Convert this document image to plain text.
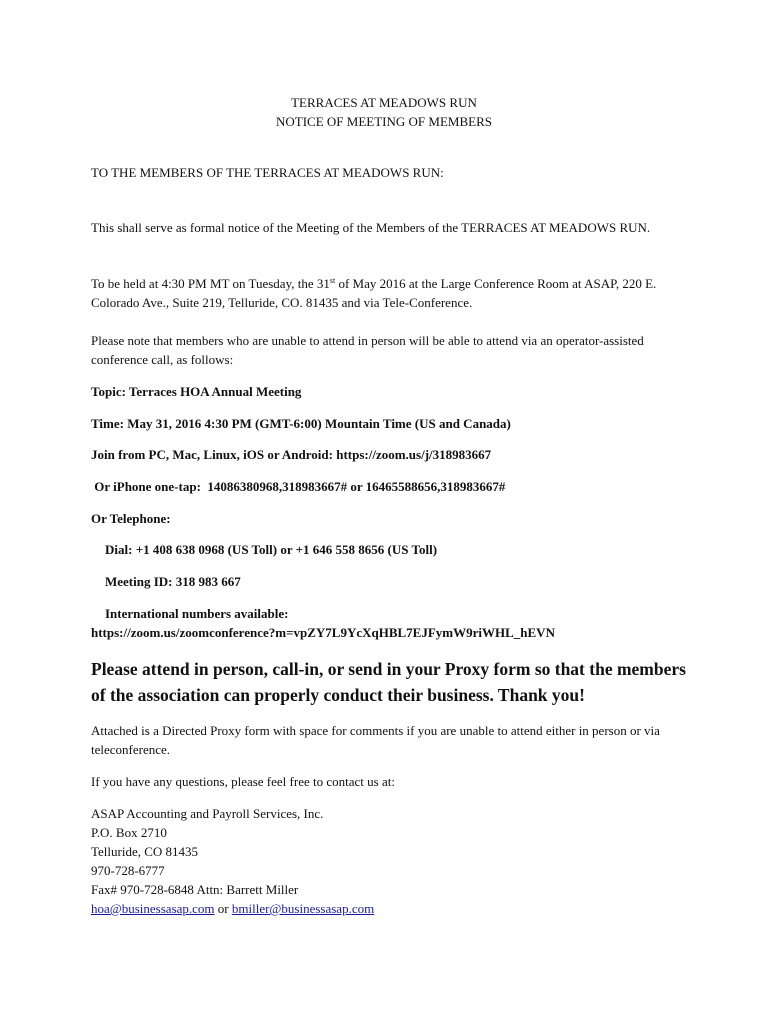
TERRACES AT MEADOWS RUN

NOTICE OF MEETING OF MEMBERS

TO THE MEMBERS OF THE TERRACES AT MEADOWS RUN:

This shall serve as formal notice of the Meeting of the Members of the TERRACES AT MEADOWS RUN.

To be held at 4:30 PM MT on Tuesday, the 31st of May 2016 at the Large Conference Room at ASAP, 220 E. Colorado Ave., Suite 219, Telluride, CO. 81435 and via Tele-Conference.

Please note that members who are unable to attend in person will be able to attend via an operator-assisted conference call, as follows:

Topic: Terraces HOA Annual Meeting

Time: May 31, 2016 4:30 PM (GMT-6:00) Mountain Time (US and Canada)

Join from PC, Mac, Linux, iOS or Android: https://zoom.us/j/318983667

Or iPhone one-tap:  14086380968,318983667# or 16465588656,318983667#

Or Telephone:

Dial: +1 408 638 0968 (US Toll) or +1 646 558 8656 (US Toll)

Meeting ID: 318 983 667

International numbers available:

https://zoom.us/zoomconference?m=vpZY7L9YcXqHBL7EJFymW9riWHL_hEVN

Please attend in person, call-in, or send in your Proxy form so that the members of the association can properly conduct their business. Thank you!

Attached is a Directed Proxy form with space for comments if you are unable to attend either in person or via teleconference.

If you have any questions, please feel free to contact us at:

ASAP Accounting and Payroll Services, Inc.

P.O. Box 2710

Telluride, CO 81435

970-728-6777

Fax# 970-728-6848 Attn: Barrett Miller

hoa@businessasap.com or bmiller@businessasap.com
